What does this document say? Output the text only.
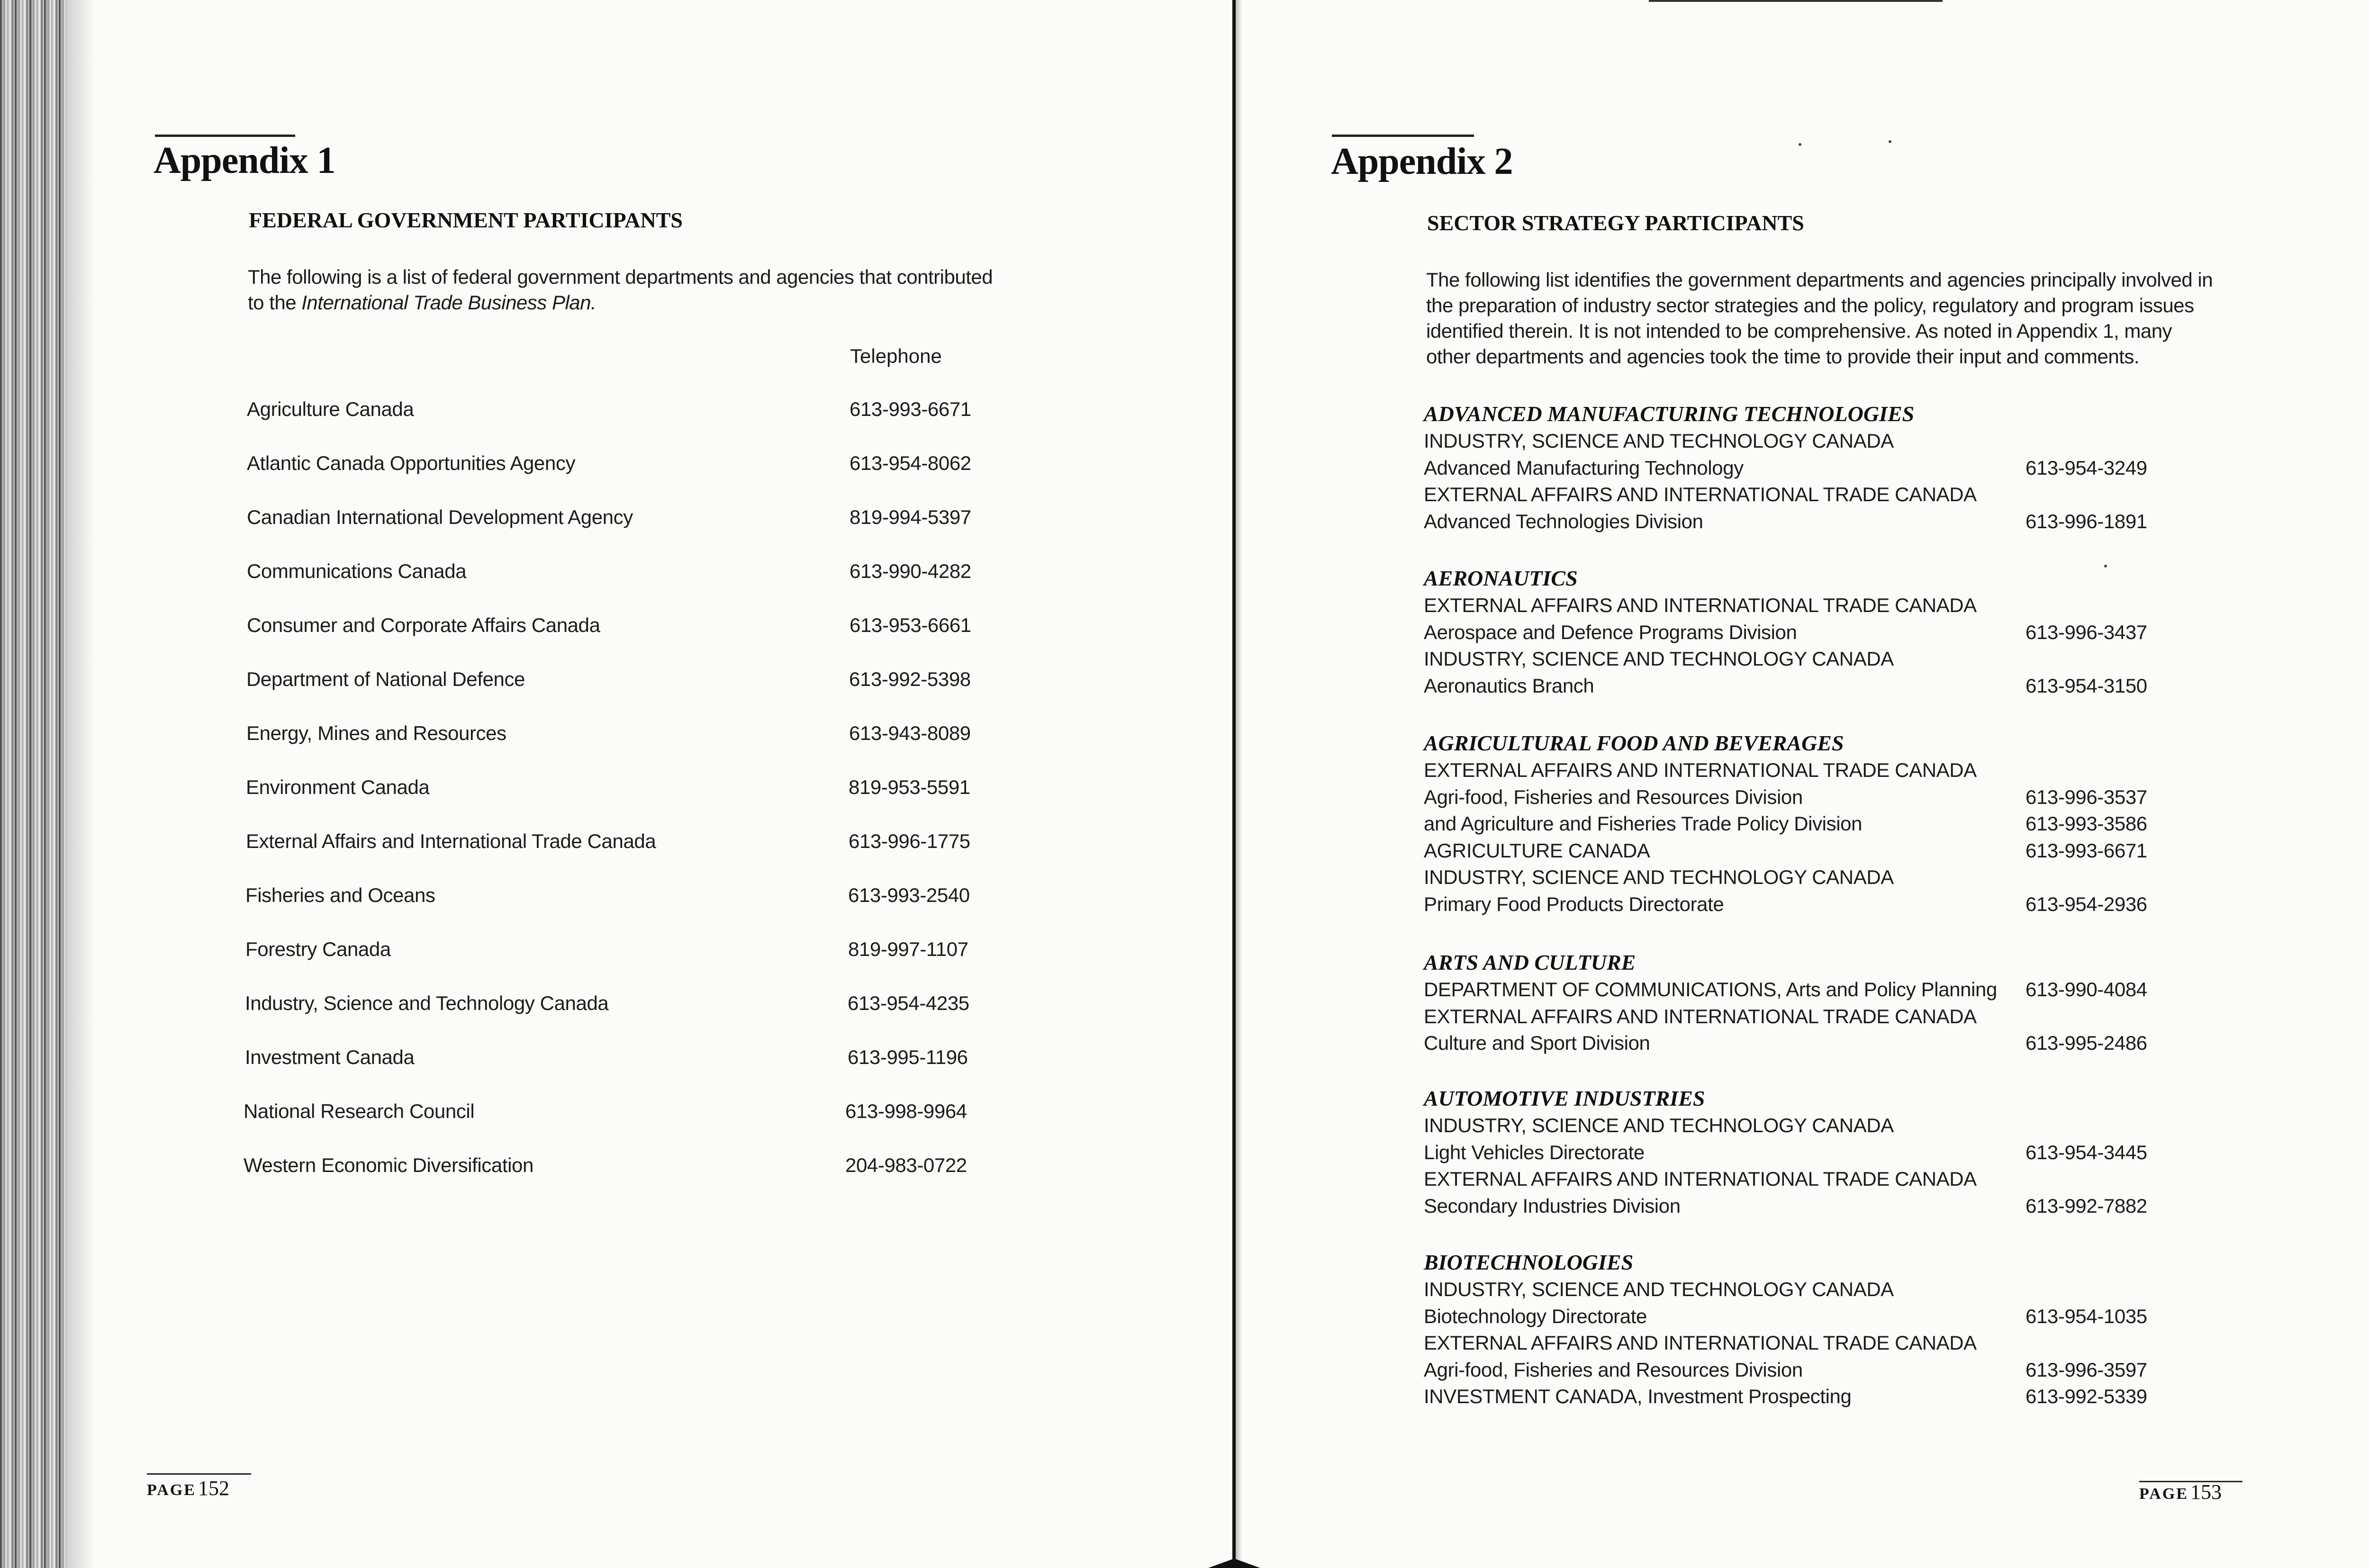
Appendix 1
FEDERAL GOVERNMENT PARTICIPANTS
The following is a list of federal government departments and agencies that contributed
to the International Trade Business Plan.
Telephone
Agriculture Canada	613-993-6671
Atlantic Canada Opportunities Agency	613-954-8062
Canadian International Development Agency	819-994-5397
Communications Canada	613-990-4282
Consumer and Corporate Affairs Canada	613-953-6661
Department of National Defence	613-992-5398
Energy, Mines and Resources	613-943-8089
Environment Canada	819-953-5591
External Affairs and International Trade Canada	613-996-1775
Fisheries and Oceans	613-993-2540
Forestry Canada	819-997-1107
Industry, Science and Technology Canada	613-954-4235
Investment Canada	613-995-1196
National Research Council	613-998-9964
Western Economic Diversification	204-983-0722
PAGE 152
Appendix 2
SECTOR STRATEGY PARTICIPANTS
The following list identifies the government departments and agencies principally involved in
the preparation of industry sector strategies and the policy, regulatory and program issues
identified therein. It is not intended to be comprehensive. As noted in Appendix 1, many
other departments and agencies took the time to provide their input and comments.
ADVANCED MANUFACTURING TECHNOLOGIES
INDUSTRY, SCIENCE AND TECHNOLOGY CANADA
Advanced Manufacturing Technology	613-954-3249
EXTERNAL AFFAIRS AND INTERNATIONAL TRADE CANADA
Advanced Technologies Division	613-996-1891
AERONAUTICS
EXTERNAL AFFAIRS AND INTERNATIONAL TRADE CANADA
Aerospace and Defence Programs Division	613-996-3437
INDUSTRY, SCIENCE AND TECHNOLOGY CANADA
Aeronautics Branch	613-954-3150
AGRICULTURAL FOOD AND BEVERAGES
EXTERNAL AFFAIRS AND INTERNATIONAL TRADE CANADA
Agri-food, Fisheries and Resources Division	613-996-3537
and Agriculture and Fisheries Trade Policy Division	613-993-3586
AGRICULTURE CANADA	613-993-6671
INDUSTRY, SCIENCE AND TECHNOLOGY CANADA
Primary Food Products Directorate	613-954-2936
ARTS AND CULTURE
DEPARTMENT OF COMMUNICATIONS, Arts and Policy Planning 613-990-4084
EXTERNAL AFFAIRS AND INTERNATIONAL TRADE CANADA
Culture and Sport Division	613-995-2486
AUTOMOTIVE INDUSTRIES
INDUSTRY, SCIENCE AND TECHNOLOGY CANADA
Light Vehicles Directorate	613-954-3445
EXTERNAL AFFAIRS AND INTERNATIONAL TRADE CANADA
Secondary Industries Division	613-992-7882
BIOTECHNOLOGIES
INDUSTRY, SCIENCE AND TECHNOLOGY CANADA
Biotechnology Directorate	613-954-1035
EXTERNAL AFFAIRS AND INTERNATIONAL TRADE CANADA
Agri-food, Fisheries and Resources Division	613-996-3597
INVESTMENT CANADA, Investment Prospecting	613-992-5339
PAGE 153
